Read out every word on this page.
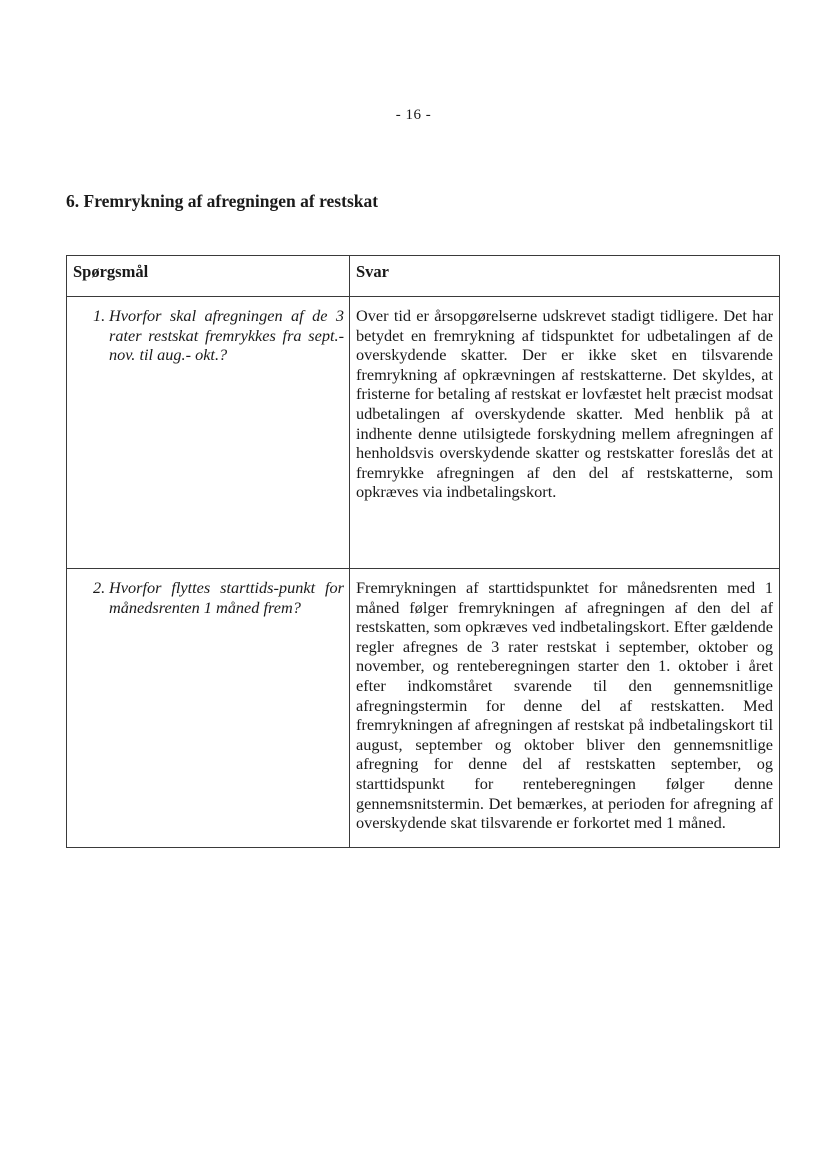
- 16 -
6. Fremrykning af afregningen af restskat
Spørgsmål	Svar

1. Hvorfor skal afregningen af de 3 rater restskat fremrykkes fra sept.-nov. til aug.- okt.?	Over tid er årsopgørelserne udskrevet stadigt tidligere. Det har betydet en fremrykning af tidspunktet for udbetalingen af de overskydende skatter. Der er ikke sket en tilsvarende fremrykning af opkrævningen af restskatterne. Det skyldes, at fristerne for betaling af restskat er lovfæstet helt præcist modsat udbetalingen af overskydende skatter. Med henblik på at indhente denne utilsigtede forskydning mellem afregningen af henholdsvis overskydende skatter og restskatter foreslås det at fremrykke afregningen af den del af restskatterne, som opkræves via indbetalingskort.

2. Hvorfor flyttes starttids-punkt for månedsrenten 1 måned frem?	Fremrykningen af starttidspunktet for månedsrenten med 1 måned følger fremrykningen af afregningen af den del af restskatten, som opkræves ved indbetalingskort. Efter gældende regler afregnes de 3 rater restskat i september, oktober og november, og renteberegningen starter den 1. oktober i året efter indkomståret svarende til den gennemsnitlige afregningstermin for denne del af restskatten. Med fremrykningen af afregningen af restskat på indbetalingskort til august, september og oktober bliver den gennemsnitlige afregning for denne del af restskatten september, og starttidspunkt for renteberegningen følger denne gennemsnitstermin. Det bemærkes, at perioden for afregning af overskydende skat tilsvarende er forkortet med 1 måned.
